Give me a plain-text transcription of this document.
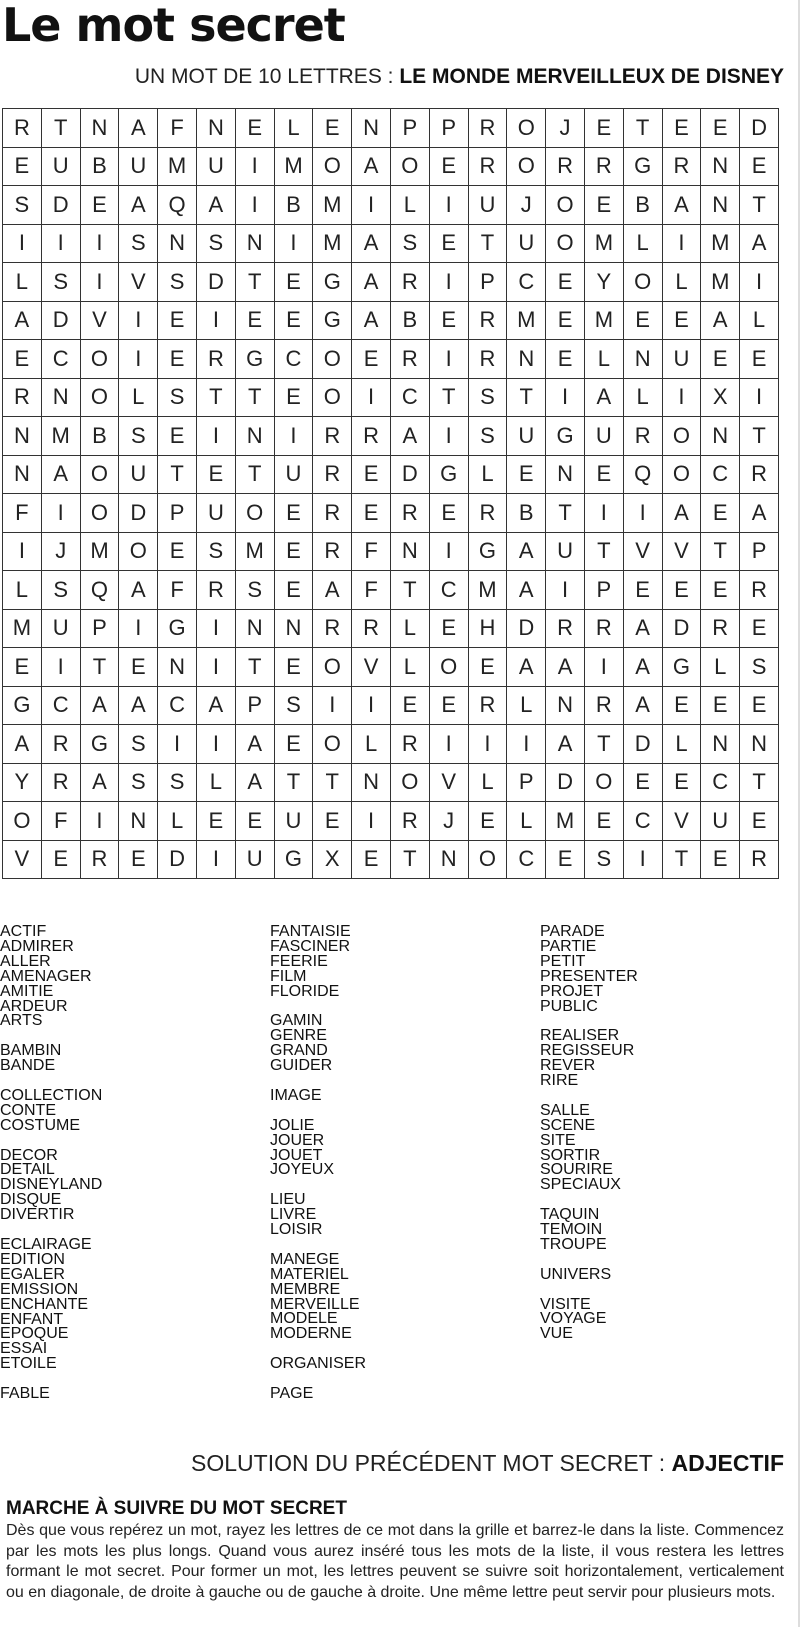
Le mot secret
UN MOT DE 10 LETTRES : LE MONDE MERVEILLEUX DE DISNEY
R	T	N	A	F	N	E	L	E	N	P	P	R	O	J	E	T	E	E	D
E	U	B	U	M	U	I	M	O	A	O	E	R	O	R	R	G	R	N	E
S	D	E	A	Q	A	I	B	M	I	L	I	U	J	O	E	B	A	N	T
I	I	I	S	N	S	N	I	M	A	S	E	T	U	O	M	L	I	M	A
L	S	I	V	S	D	T	E	G	A	R	I	P	C	E	Y	O	L	M	I
A	D	V	I	E	I	E	E	G	A	B	E	R	M	E	M	E	E	A	L
E	C	O	I	E	R	G	C	O	E	R	I	R	N	E	L	N	U	E	E
R	N	O	L	S	T	T	E	O	I	C	T	S	T	I	A	L	I	X	I
N	M	B	S	E	I	N	I	R	R	A	I	S	U	G	U	R	O	N	T
N	A	O	U	T	E	T	U	R	E	D	G	L	E	N	E	Q	O	C	R
F	I	O	D	P	U	O	E	R	E	R	E	R	B	T	I	I	A	E	A
I	J	M	O	E	S	M	E	R	F	N	I	G	A	U	T	V	V	T	P
L	S	Q	A	F	R	S	E	A	F	T	C	M	A	I	P	E	E	E	R
M	U	P	I	G	I	N	N	R	R	L	E	H	D	R	R	A	D	R	E
E	I	T	E	N	I	T	E	O	V	L	O	E	A	A	I	A	G	L	S
G	C	A	A	C	A	P	S	I	I	E	E	R	L	N	R	A	E	E	E
A	R	G	S	I	I	A	E	O	L	R	I	I	I	A	T	D	L	N	N
Y	R	A	S	S	L	A	T	T	N	O	V	L	P	D	O	E	E	C	T
O	F	I	N	L	E	E	U	E	I	R	J	E	L	M	E	C	V	U	E
V	E	R	E	D	I	U	G	X	E	T	N	O	C	E	S	I	T	E	R
ACTIF
ADMIRER
ALLER
AMENAGER
AMITIE
ARDEUR
ARTS
BAMBIN
BANDE
COLLECTION
CONTE
COSTUME
DECOR
DETAIL
DISNEYLAND
DISQUE
DIVERTIR
ECLAIRAGE
EDITION
EGALER
EMISSION
ENCHANTE
ENFANT
EPOQUE
ESSAI
ETOILE
FABLE
FANTAISIE
FASCINER
FEERIE
FILM
FLORIDE
GAMIN
GENRE
GRAND
GUIDER
IMAGE
JOLIE
JOUER
JOUET
JOYEUX
LIEU
LIVRE
LOISIR
MANEGE
MATERIEL
MEMBRE
MERVEILLE
MODELE
MODERNE
ORGANISER
PAGE
PARADE
PARTIE
PETIT
PRESENTER
PROJET
PUBLIC
REALISER
REGISSEUR
REVER
RIRE
SALLE
SCENE
SITE
SORTIR
SOURIRE
SPECIAUX
TAQUIN
TEMOIN
TROUPE
UNIVERS
VISITE
VOYAGE
VUE
SOLUTION DU PRÉCÉDENT MOT SECRET : ADJECTIF
MARCHE À SUIVRE DU MOT SECRET
Dès que vous repérez un mot, rayez les lettres de ce mot dans la grille et barrez-le dans la liste. Commencez par les mots les plus longs. Quand vous aurez inséré tous les mots de la liste, il vous restera les lettres formant le mot secret. Pour former un mot, les lettres peuvent se suivre soit horizontalement, verticalement ou en diagonale, de droite à gauche ou de gauche à droite. Une même lettre peut servir pour plusieurs mots.
